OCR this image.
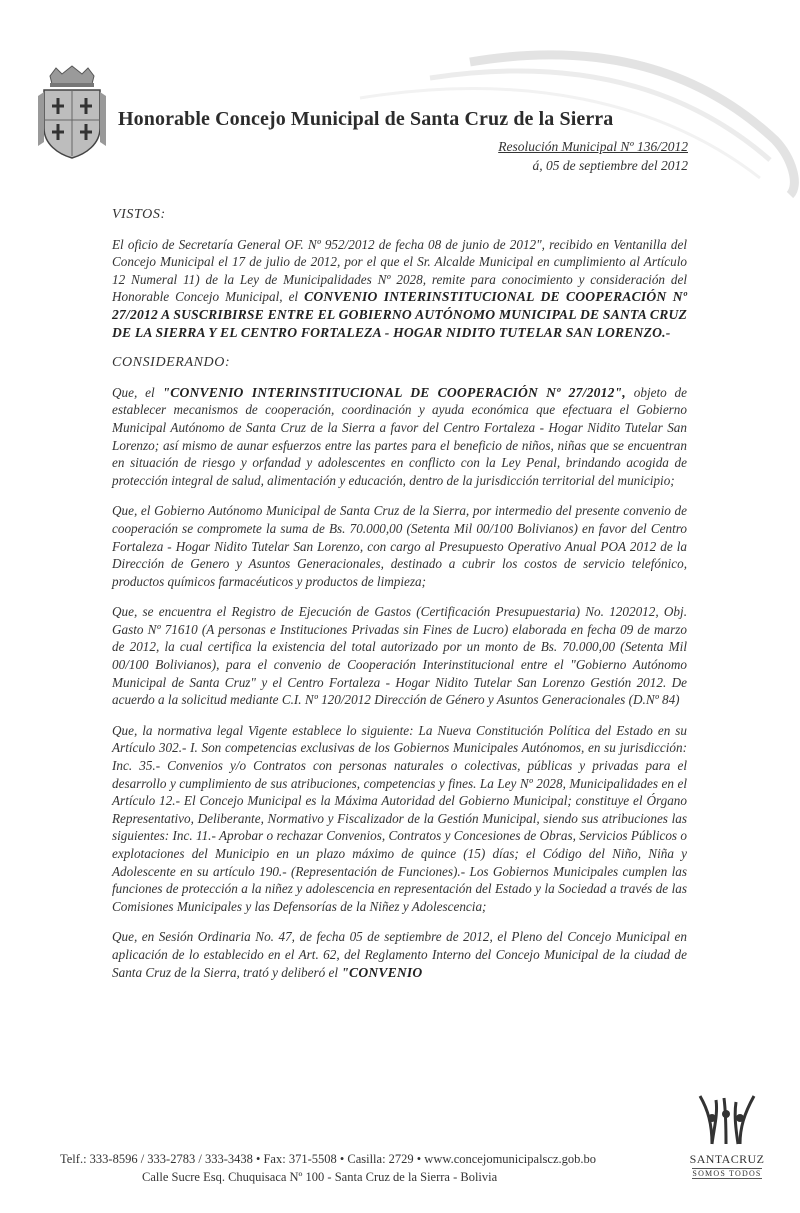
Honorable Concejo Municipal de Santa Cruz de la Sierra
Resolución Municipal Nº 136/2012
á, 05 de septiembre del 2012
VISTOS:

El oficio de Secretaría General OF. Nº 952/2012 de fecha 08 de junio de 2012", recibido en Ventanilla del Concejo Municipal el 17 de julio de 2012, por el que el Sr. Alcalde Municipal en cumplimiento al Artículo 12 Numeral 11) de la Ley de Municipalidades Nº 2028, remite para conocimiento y consideración del Honorable Concejo Municipal, el CONVENIO INTERINSTITUCIONAL DE COOPERACIÓN Nº 27/2012 A SUSCRIBIRSE ENTRE EL GOBIERNO AUTÓNOMO MUNICIPAL DE SANTA CRUZ DE LA SIERRA Y EL CENTRO FORTALEZA - HOGAR NIDITO TUTELAR SAN LORENZO.-

CONSIDERANDO:

Que, el "CONVENIO INTERINSTITUCIONAL DE COOPERACIÓN Nº 27/2012", objeto de establecer mecanismos de cooperación, coordinación y ayuda económica que efectuara el Gobierno Municipal Autónomo de Santa Cruz de la Sierra a favor del Centro Fortaleza - Hogar Nidito Tutelar San Lorenzo; así mismo de aunar esfuerzos entre las partes para el beneficio de niños, niñas que se encuentran en situación de riesgo y orfandad y adolescentes en conflicto con la Ley Penal, brindando acogida de protección integral de salud, alimentación y educación, dentro de la jurisdicción territorial del municipio;

Que, el Gobierno Autónomo Municipal de Santa Cruz de la Sierra, por intermedio del presente convenio de cooperación se compromete la suma de Bs. 70.000,00 (Setenta Mil 00/100 Bolivianos) en favor del Centro Fortaleza - Hogar Nidito Tutelar San Lorenzo, con cargo al Presupuesto Operativo Anual POA 2012 de la Dirección de Genero y Asuntos Generacionales, destinado a cubrir los costos de servicio telefónico, productos químicos farmacéuticos y productos de limpieza;

Que, se encuentra el Registro de Ejecución de Gastos (Certificación Presupuestaria) No. 1202012, Obj. Gasto Nº 71610 (A personas e Instituciones Privadas sin Fines de Lucro) elaborada en fecha 09 de marzo de 2012, la cual certifica la existencia del total autorizado por un monto de Bs. 70.000,00 (Setenta Mil 00/100 Bolivianos), para el convenio de Cooperación Interinstitucional entre el "Gobierno Autónomo Municipal de Santa Cruz" y el Centro Fortaleza - Hogar Nidito Tutelar San Lorenzo Gestión 2012. De acuerdo a la solicitud mediante C.I. Nº 120/2012 Dirección de Género y Asuntos Generacionales (D.Nº 84)

Que, la normativa legal Vigente establece lo siguiente: La Nueva Constitución Política del Estado en su Artículo 302.- I. Son competencias exclusivas de los Gobiernos Municipales Autónomos, en su jurisdicción: Inc. 35.- Convenios y/o Contratos con personas naturales o colectivas, públicas y privadas para el desarrollo y cumplimiento de sus atribuciones, competencias y fines. La Ley Nº 2028, Municipalidades en el Artículo 12.- El Concejo Municipal es la Máxima Autoridad del Gobierno Municipal; constituye el Órgano Representativo, Deliberante, Normativo y Fiscalizador de la Gestión Municipal, siendo sus atribuciones las siguientes: Inc. 11.- Aprobar o rechazar Convenios, Contratos y Concesiones de Obras, Servicios Públicos o explotaciones del Municipio en un plazo máximo de quince (15) días; el Código del Niño, Niña y Adolescente en su artículo 190.- (Representación de Funciones).- Los Gobiernos Municipales cumplen las funciones de protección a la niñez y adolescencia en representación del Estado y la Sociedad a través de las Comisiones Municipales y las Defensorías de la Niñez y Adolescencia;

Que, en Sesión Ordinaria No. 47, de fecha 05 de septiembre de 2012, el Pleno del Concejo Municipal en aplicación de lo establecido en el Art. 62, del Reglamento Interno del Concejo Municipal de la ciudad de Santa Cruz de la Sierra, trató y deliberó el "CONVENIO

Telf.: 333-8596 / 333-2783 / 333-3438 • Fax: 371-5508 • Casilla: 2729 • www.concejomunicipalscz.gob.bo
Calle Sucre Esq. Chuquisaca Nº 100 - Santa Cruz de la Sierra - Bolivia
SANTACRUZ
SOMOS TODOS
